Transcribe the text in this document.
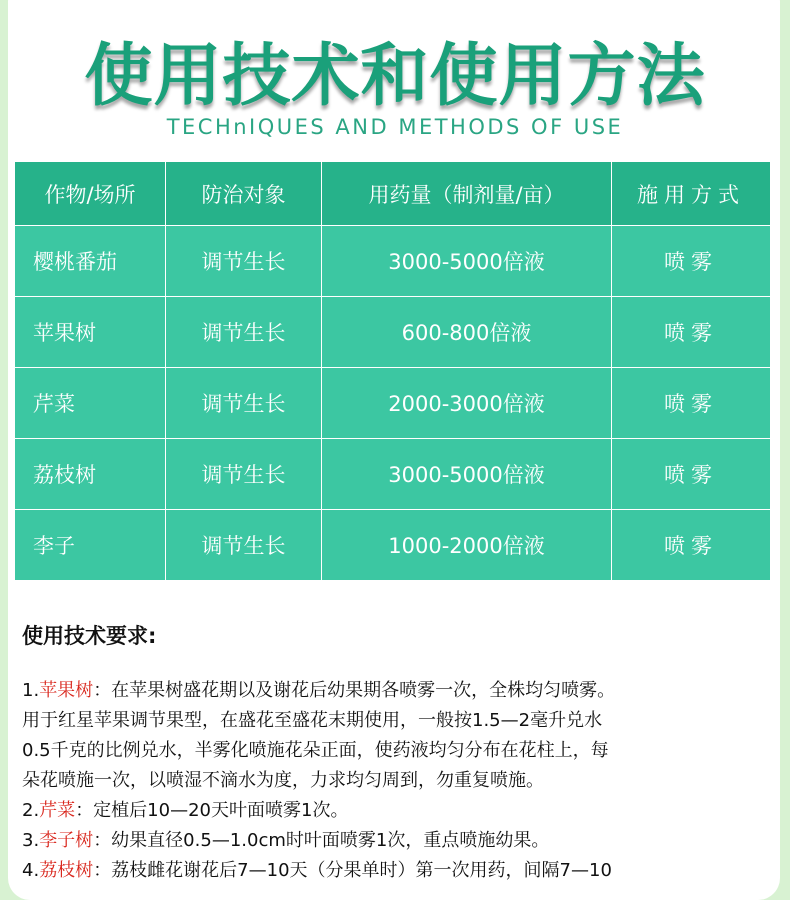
使用技术和使用方法
TECHnIQUES AND METHODS OF USE
作物/场所	防治对象	用药量（制剂量/亩）	施用方式
樱桃番茄	调节生长	3000-5000倍液	喷雾
苹果树	调节生长	600-800倍液	喷雾
芹菜	调节生长	2000-3000倍液	喷雾
荔枝树	调节生长	3000-5000倍液	喷雾
李子	调节生长	1000-2000倍液	喷雾
使用技术要求:
1.苹果树：在苹果树盛花期以及谢花后幼果期各喷雾一次，全株均匀喷雾。
用于红星苹果调节果型，在盛花至盛花末期使用，一般按1.5—2毫升兑水
0.5千克的比例兑水，半雾化喷施花朵正面，使药液均匀分布在花柱上，每
朵花喷施一次，以喷湿不滴水为度，力求均匀周到，勿重复喷施。
2.芹菜：定植后10—20天叶面喷雾1次。
3.李子树：幼果直径0.5—1.0cm时叶面喷雾1次，重点喷施幼果。
4.荔枝树：荔枝雌花谢花后7—10天（分果单时）第一次用药，间隔7—10
